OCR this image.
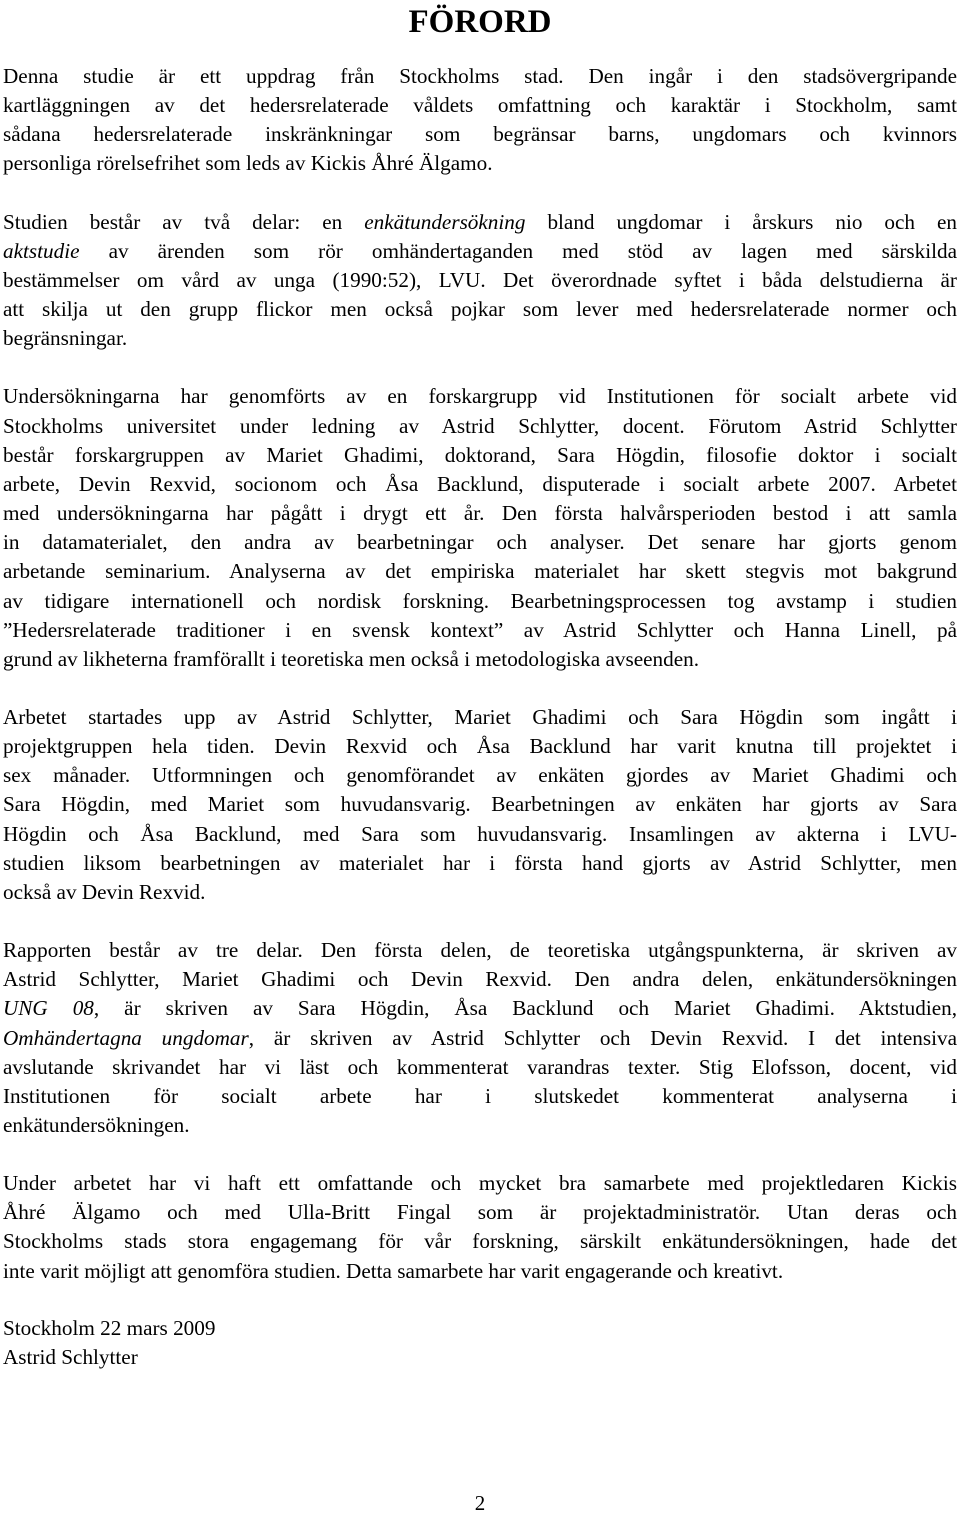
FÖRORD

Denna studie är ett uppdrag från Stockholms stad. Den ingår i den stadsövergripande
kartläggningen av det hedersrelaterade våldets omfattning och karaktär i Stockholm, samt
sådana hedersrelaterade inskränkningar som begränsar barns, ungdomars och kvinnors
personliga rörelsefrihet som leds av Kickis Åhré Älgamo.

Studien består av två delar: en enkätundersökning bland ungdomar i årskurs nio och en
aktstudie av ärenden som rör omhändertaganden med stöd av lagen med särskilda
bestämmelser om vård av unga (1990:52), LVU. Det överordnade syftet i båda delstudierna är
att skilja ut den grupp flickor men också pojkar som lever med hedersrelaterade normer och
begränsningar.

Undersökningarna har genomförts av en forskargrupp vid Institutionen för socialt arbete vid
Stockholms universitet under ledning av Astrid Schlytter, docent. Förutom Astrid Schlytter
består forskargruppen av Mariet Ghadimi, doktorand, Sara Högdin, filosofie doktor i socialt
arbete, Devin Rexvid, socionom och Åsa Backlund, disputerade i socialt arbete 2007. Arbetet
med undersökningarna har pågått i drygt ett år. Den första halvårsperioden bestod i att samla
in datamaterialet, den andra av bearbetningar och analyser. Det senare har gjorts genom
arbetande seminarium. Analyserna av det empiriska materialet har skett stegvis mot bakgrund
av tidigare internationell och nordisk forskning. Bearbetningsprocessen tog avstamp i studien
”Hedersrelaterade traditioner i en svensk kontext” av Astrid Schlytter och Hanna Linell, på
grund av likheterna framförallt i teoretiska men också i metodologiska avseenden.

Arbetet startades upp av Astrid Schlytter, Mariet Ghadimi och Sara Högdin som ingått i
projektgruppen hela tiden. Devin Rexvid och Åsa Backlund har varit knutna till projektet i
sex månader. Utformningen och genomförandet av enkäten gjordes av Mariet Ghadimi och
Sara Högdin, med Mariet som huvudansvarig. Bearbetningen av enkäten har gjorts av Sara
Högdin och Åsa Backlund, med Sara som huvudansvarig. Insamlingen av akterna i LVU-
studien liksom bearbetningen av materialet har i första hand gjorts av Astrid Schlytter, men
också av Devin Rexvid.

Rapporten består av tre delar. Den första delen, de teoretiska utgångspunkterna, är skriven av
Astrid Schlytter, Mariet Ghadimi och Devin Rexvid. Den andra delen, enkätundersökningen
UNG 08, är skriven av Sara Högdin, Åsa Backlund och Mariet Ghadimi. Aktstudien,
Omhändertagna ungdomar, är skriven av Astrid Schlytter och Devin Rexvid. I det intensiva
avslutande skrivandet har vi läst och kommenterat varandras texter. Stig Elofsson, docent, vid
Institutionen för socialt arbete har i slutskedet kommenterat analyserna i
enkätundersökningen.

Under arbetet har vi haft ett omfattande och mycket bra samarbete med projektledaren Kickis
Åhré Älgamo och med Ulla-Britt Fingal som är projektadministratör. Utan deras och
Stockholms stads stora engagemang för vår forskning, särskilt enkätundersökningen, hade det
inte varit möjligt att genomföra studien. Detta samarbete har varit engagerande och kreativt.

Stockholm 22 mars 2009
Astrid Schlytter
2
